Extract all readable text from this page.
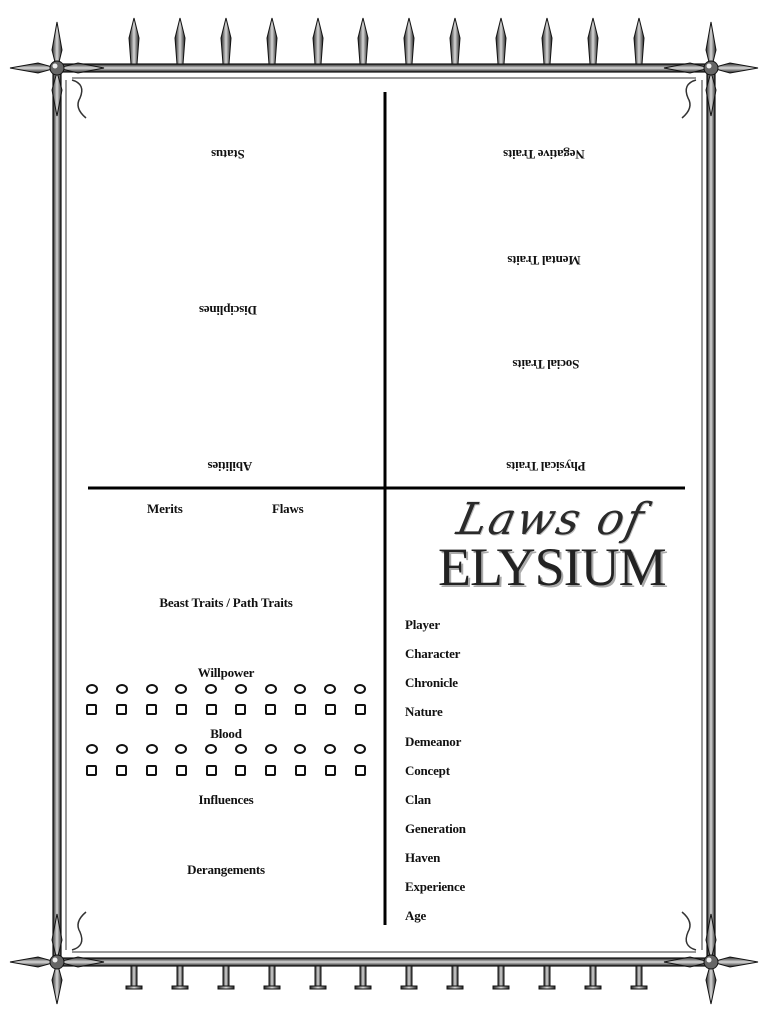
Status
Disciplines
Abilities
Negative Traits
Mental Traits
Social Traits
Physical Traits
Merits	Flaws
Beast Traits / Path Traits
Willpower
Blood
Influences
Derangements
Laws of
ELYSIUM
Player
Character
Chronicle
Nature
Demeanor
Concept
Clan
Generation
Haven
Experience
Age
